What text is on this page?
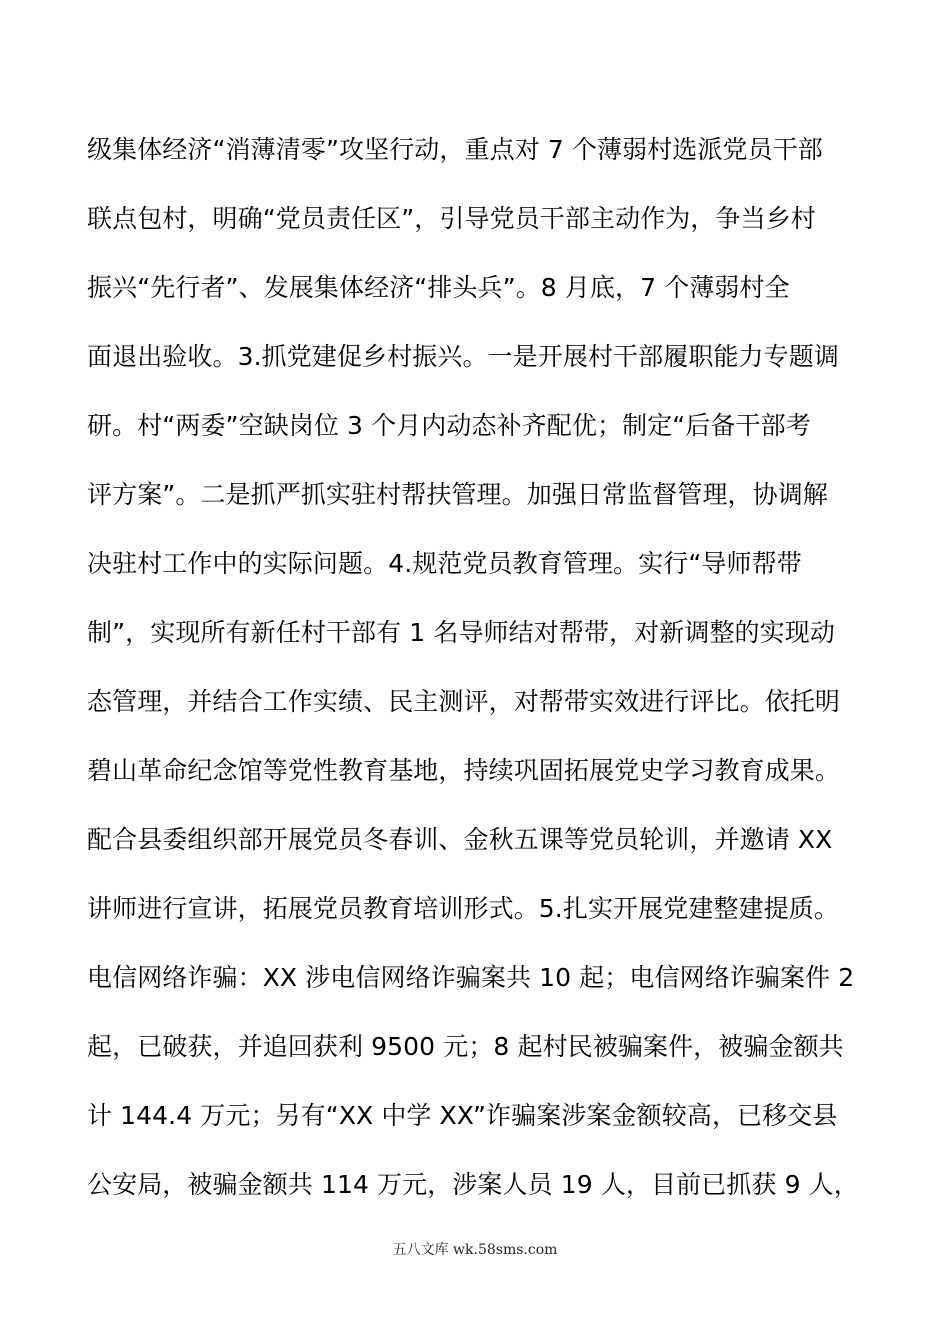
级集体经济“消薄清零”攻坚行动，重点对 7 个薄弱村选派党员干部
联点包村，明确“党员责任区”，引导党员干部主动作为，争当乡村
振兴“先行者”、发展集体经济“排头兵”。8 月底，7 个薄弱村全
面退出验收。3.抓党建促乡村振兴。一是开展村干部履职能力专题调
研。村“两委”空缺岗位 3 个月内动态补齐配优；制定“后备干部考
评方案”。二是抓严抓实驻村帮扶管理。加强日常监督管理，协调解
决驻村工作中的实际问题。4.规范党员教育管理。实行“导师帮带
制”，实现所有新任村干部有 1 名导师结对帮带，对新调整的实现动
态管理，并结合工作实绩、民主测评，对帮带实效进行评比。依托明
碧山革命纪念馆等党性教育基地，持续巩固拓展党史学习教育成果。
配合县委组织部开展党员冬春训、金秋五课等党员轮训，并邀请 XX
讲师进行宣讲，拓展党员教育培训形式。5.扎实开展党建整建提质。
电信网络诈骗：XX 涉电信网络诈骗案共 10 起；电信网络诈骗案件 2
起，已破获，并追回获利 9500 元；8 起村民被骗案件，被骗金额共
计 144.4 万元；另有“XX 中学 XX”诈骗案涉案金额较高，已移交县
公安局，被骗金额共 114 万元，涉案人员 19 人，目前已抓获 9 人，
五八文库 wk.58sms.com
